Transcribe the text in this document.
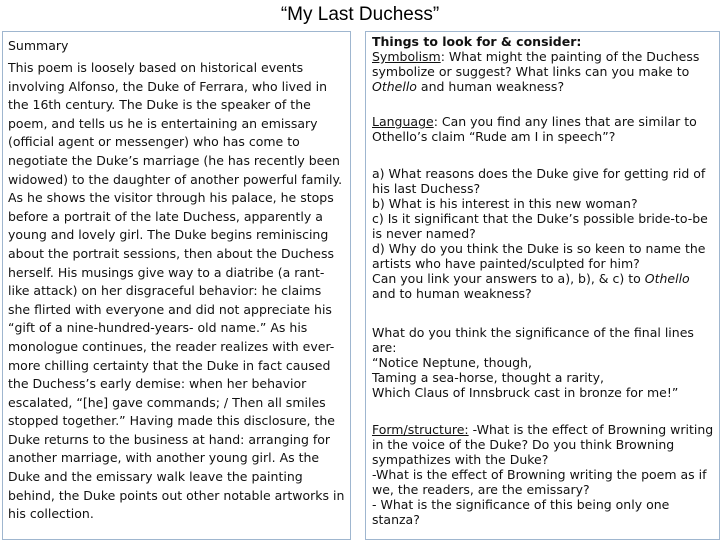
“My Last Duchess”

Summary

This poem is loosely based on historical events involving Alfonso, the Duke of Ferrara, who lived in the 16th century. The Duke is the speaker of the poem, and tells us he is entertaining an emissary (official agent or messenger) who has come to negotiate the Duke’s marriage (he has recently been widowed) to the daughter of another powerful family. As he shows the visitor through his palace, he stops before a portrait of the late Duchess, apparently a young and lovely girl. The Duke begins reminiscing about the portrait sessions, then about the Duchess herself. His musings give way to a diatribe (a rant-like attack) on her disgraceful behavior: he claims she flirted with everyone and did not appreciate his “gift of a nine-hundred-years- old name.” As his monologue continues, the reader realizes with ever-more chilling certainty that the Duke in fact caused the Duchess’s early demise: when her behavior escalated, “[he] gave commands; / Then all smiles stopped together.” Having made this disclosure, the Duke returns to the business at hand: arranging for another marriage, with another young girl. As the Duke and the emissary walk leave the painting behind, the Duke points out other notable artworks in his collection.

Things to look for & consider:

Symbolism: What might the painting of the Duchess symbolize or suggest? What links can you make to Othello and human weakness?

Language: Can you find any lines that are similar to Othello’s claim “Rude am I in speech”?

a) What reasons does the Duke give for getting rid of his last Duchess?

b) What is his interest in this new woman?

c) Is it significant that the Duke’s possible bride-to-be is never named?

d) Why do you think the Duke is so keen to name the artists who have painted/sculpted for him?

Can you link your answers to a), b), & c) to Othello and to human weakness?

What do you think the significance of the final lines are:

“Notice Neptune, though,

Taming a sea-horse, thought a rarity,

Which Claus of Innsbruck cast in bronze for me!”

Form/structure: -What is the effect of Browning writing in the voice of the Duke? Do you think Browning sympathizes with the Duke?

-What is the effect of Browning writing the poem as if we, the readers, are the emissary?

- What is the significance of this being only one stanza?
